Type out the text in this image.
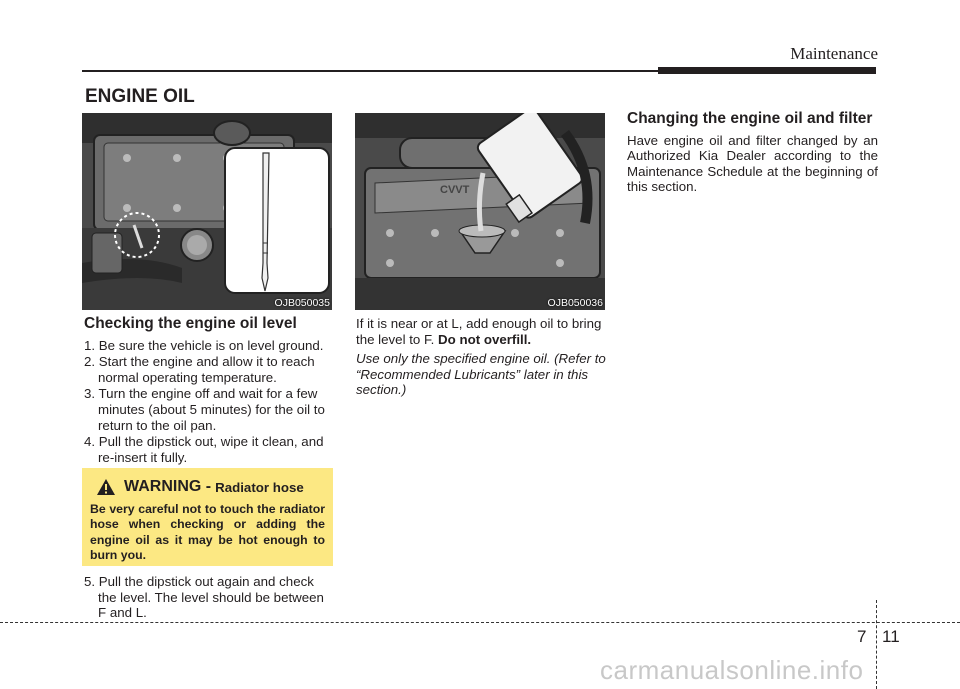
Maintenance
ENGINE OIL
OJB050035
CVVT
OJB050036
Checking the engine oil level
1. Be sure the vehicle is on level ground.
2. Start the engine and allow it to reach normal operating temperature.
3. Turn the engine off and wait for a few minutes (about 5 minutes) for the oil to return to the oil pan.
4. Pull the dipstick out, wipe it clean, and re-insert it fully.
WARNING - Radiator hose
Be very careful not to touch the radiator hose when checking or adding the engine oil as it may be hot enough to burn you.
5. Pull the dipstick out again and check the level. The level should be between F and L.
If it is near or at L, add enough oil to bring the level to F. Do not overfill.
Use only the specified engine oil. (Refer to “Recommended Lubricants” later in this section.)
Changing the engine oil and filter
Have engine oil and filter changed by an Authorized Kia Dealer according to the Maintenance Schedule at the beginning of this section.
7 11
carmanualsonline.info
